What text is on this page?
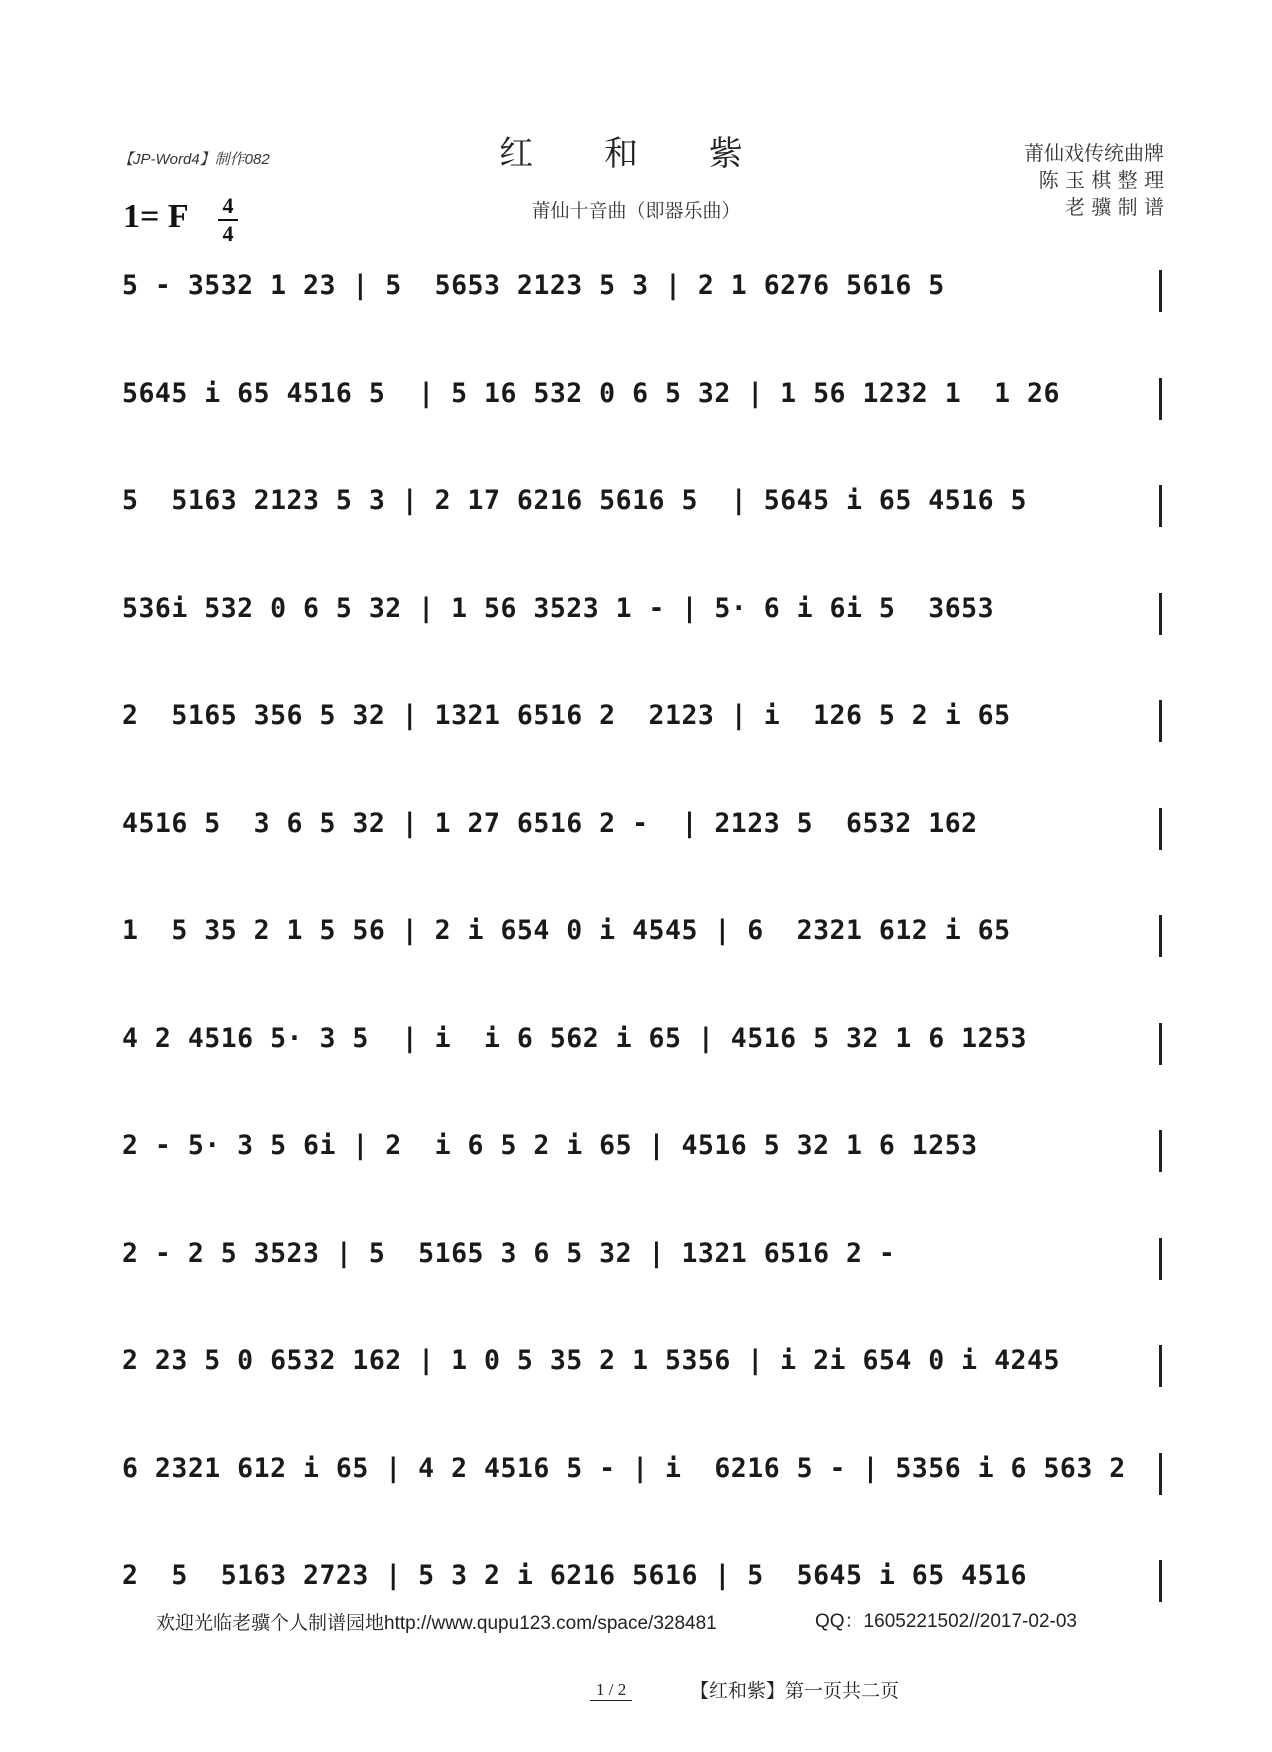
【JP-Word4】制作082	红 和 紫
莆仙十音曲（即器乐曲）
莆仙戏传统曲牌
陈 玉 棋 整 理
老 骥 制 谱
1= F 4
4
5 - 3532 1 23 | 5  5653 2123 5 3 | 2 1 6276 5616 5
5645 i 65 4516 5  | 5 16 532 0 6 5 32 | 1 56 1232 1  1 26
5  5163 2123 5 3 | 2 17 6216 5616 5  | 5645 i 65 4516 5
536i 532 0 6 5 32 | 1 56 3523 1 - | 5· 6 i 6i 5  3653
2  5165 356 5 32 | 1321 6516 2  2123 | i  126 5 2 i 65
4516 5  3 6 5 32 | 1 27 6516 2 -  | 2123 5  6532 162
1  5 35 2 1 5 56 | 2 i 654 0 i 4545 | 6  2321 612 i 65
4 2 4516 5· 3 5  | i  i 6 562 i 65 | 4516 5 32 1 6 1253
2 - 5· 3 5 6i | 2  i 6 5 2 i 65 | 4516 5 32 1 6 1253
2 - 2 5 3523 | 5  5165 3 6 5 32 | 1321 6516 2 -
2 23 5 0 6532 162 | 1 0 5 35 2 1 5356 | i 2i 654 0 i 4245
6 2321 612 i 65 | 4 2 4516 5 - | i  6216 5 - | 5356 i 6 563 2
2  5  5163 2723 | 5 3 2 i 6216 5616 | 5  5645 i 65 4516
欢迎光临老骥个人制谱园地http://www.qupu123.com/space/328481	QQ：1605221502//2017-02-03
1 / 2	【红和紫】第一页共二页
